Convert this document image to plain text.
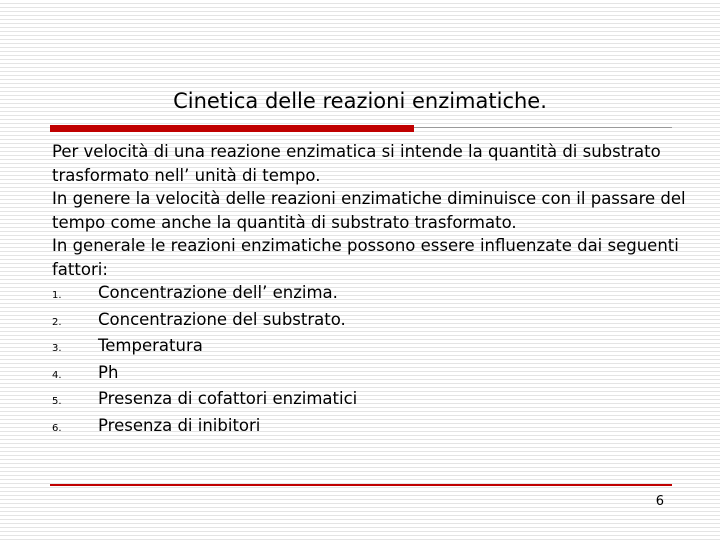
Cinetica delle reazioni enzimatiche.

Per velocità di una reazione enzimatica si intende la quantità di substrato trasformato nell’ unità di tempo.

In genere la velocità delle reazioni enzimatiche diminuisce con il passare del tempo come anche la quantità di substrato trasformato.

In generale le reazioni enzimatiche possono essere influenzate dai seguenti fattori:

1.	Concentrazione dell’ enzima.
2.	Concentrazione del substrato.
3.	Temperatura
4.	Ph
5.	Presenza di cofattori enzimatici
6.	Presenza di inibitori
6
